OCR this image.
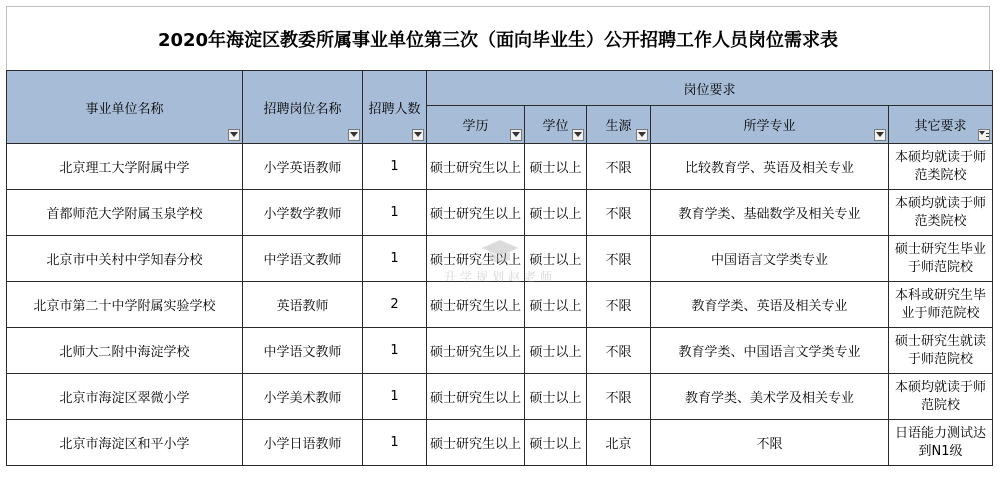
2020年海淀区教委所属事业单位第三次（面向毕业生）公开招聘工作人员岗位需求表
事业单位名称	招聘岗位名称	招聘人数	岗位要求				

			学历	学位	生源	所学专业	其它要求

北京理工大学附属中学	小学英语教师	1	硕士研究生以上	硕士以上	不限	比较教育学、英语及相关专业	本硕均就读于师范类院校
首都师范大学附属玉泉学校	小学数学教师	1	硕士研究生以上	硕士以上	不限	教育学类、基础数学及相关专业	本硕均就读于师范类院校
北京市中关村中学知春分校	中学语文教师	1	硕士研究生以上	硕士以上	不限	中国语言文学类专业	硕士研究生毕业于师范院校
北京市第二十中学附属实验学校	英语教师	2	硕士研究生以上	硕士以上	不限	教育学类、英语及相关专业	本科或研究生毕业于师范院校
北师大二附中海淀学校	中学语文教师	1	硕士研究生以上	硕士以上	不限	教育学类、中国语言文学类专业	硕士研究生就读于师范院校
北京市海淀区翠微小学	小学美术教师	1	硕士研究生以上	硕士以上	不限	教育学类、美术学及相关专业	本硕均就读于师范院校
北京市海淀区和平小学	小学日语教师	1	硕士研究生以上	硕士以上	北京	不限	日语能力测试达到N1级
升学规划赵老师
